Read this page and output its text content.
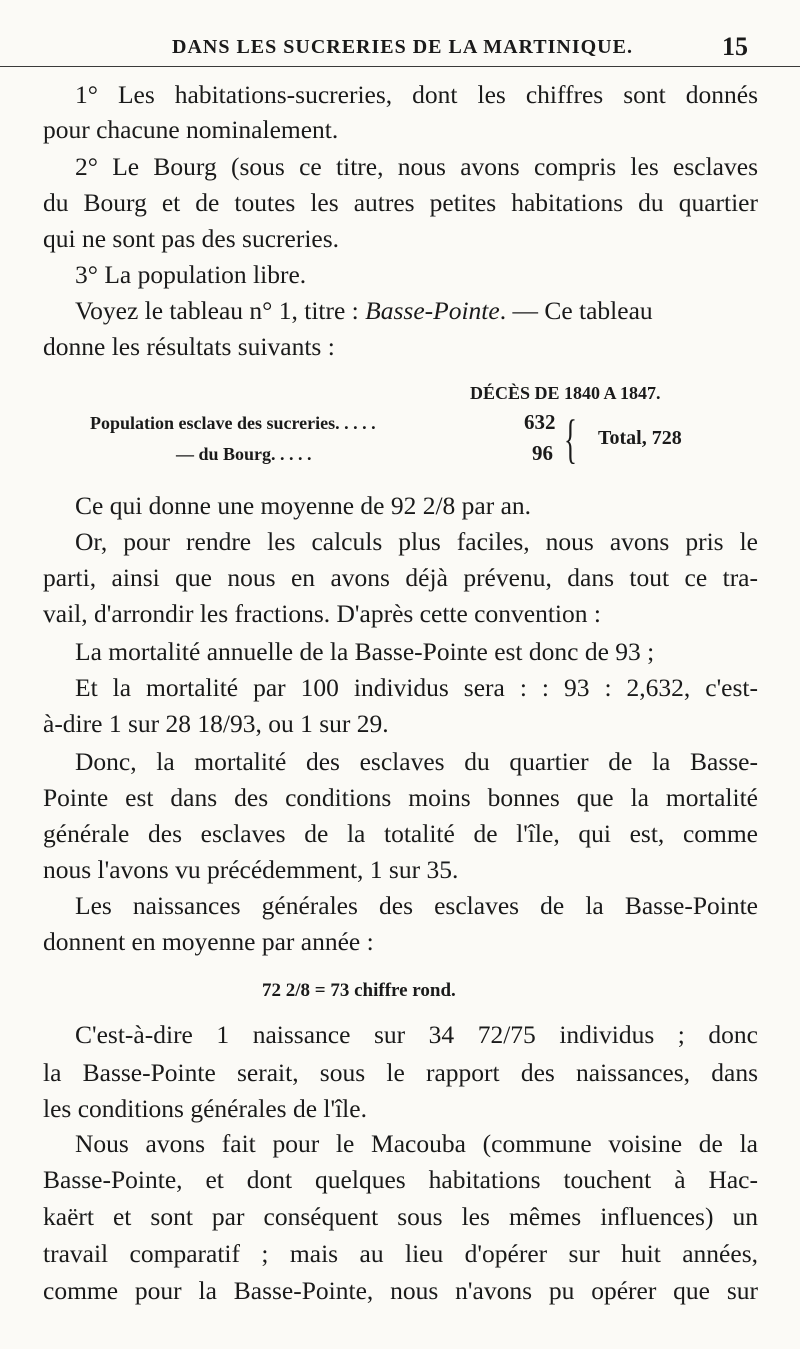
DANS LES SUCRERIES DE LA MARTINIQUE.	15
1° Les habitations-sucreries, dont les chiffres sont donnés
pour chacune nominalement.
2° Le Bourg (sous ce titre, nous avons compris les esclaves
du Bourg et de toutes les autres petites habitations du quartier
qui ne sont pas des sucreries.
3° La population libre.
Voyez le tableau n° 1, titre : Basse-Pointe. — Ce tableau
donne les résultats suivants :
DÉCÈS DE 1840 A 1847.
Population esclave des sucreries. . . . .	632
— du Bourg. . . . .	96 { Total, 728
Ce qui donne une moyenne de 92 2/8 par an.
Or, pour rendre les calculs plus faciles, nous avons pris le
parti, ainsi que nous en avons déjà prévenu, dans tout ce tra-
vail, d'arrondir les fractions. D'après cette convention :
La mortalité annuelle de la Basse-Pointe est donc de 93 ;
Et la mortalité par 100 individus sera : : 93 : 2,632, c'est-
à-dire 1 sur 28 18/93, ou 1 sur 29.
Donc, la mortalité des esclaves du quartier de la Basse-
Pointe est dans des conditions moins bonnes que la mortalité
générale des esclaves de la totalité de l'île, qui est, comme
nous l'avons vu précédemment, 1 sur 35.
Les naissances générales des esclaves de la Basse-Pointe
donnent en moyenne par année :
72 2/8 = 73 chiffre rond.
C'est-à-dire 1 naissance sur 34 72/75 individus ; donc
la Basse-Pointe serait, sous le rapport des naissances, dans
les conditions générales de l'île.
Nous avons fait pour le Macouba (commune voisine de la
Basse-Pointe, et dont quelques habitations touchent à Hac-
kaërt et sont par conséquent sous les mêmes influences) un
travail comparatif ; mais au lieu d'opérer sur huit années,
comme pour la Basse-Pointe, nous n'avons pu opérer que sur
